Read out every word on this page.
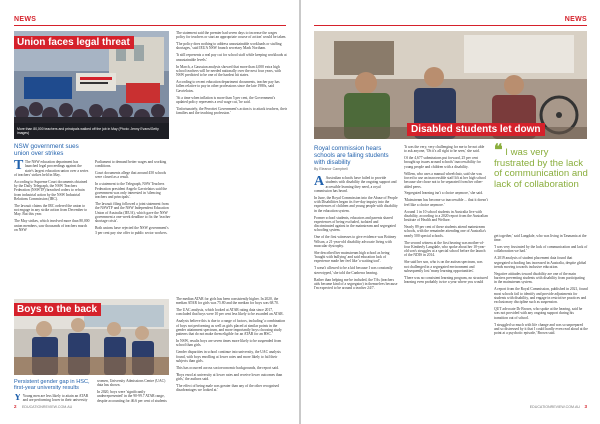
NEWS
Union faces legal threat
More than 80,000 teachers and principals walked off the job in May (Photo: Jenny Evans/Getty images)
NSW government sues union over strikes

T The NSW education department has launched legal proceedings against the state's largest education union over a series of teachers' strikes held in May.

According to Supreme Court documents obtained by the Daily Telegraph, the NSW Teachers Federation (NSWTF) breached orders to refrain from industrial action by the NSW Industrial Relations Commission (IRC).

The lawsuit claims the IRC ordered the union to not engage in any strike action from December to May. But this year.

The May strikes, which involved more than 80,000 union members, saw thousands of teachers march on NSW

Parliament to demand better wages and working conditions.

Court documents allege that around 450 schools were closed as a result.

In a statement to the Telegraph, NSW Teachers Federation president Angelo Gavrielatos said the government was only interested in 'silencing teachers and principals'.

The lawsuit filing followed a joint statement from the NSWTF and the NSW Independent Education Union of Australia (IEUA), which gave the NSW government a one-week deadline to fix the 'teacher shortage crisis'.

Both unions have rejected the NSW government's 3 per cent pay rise offer to public sector workers.

The statement said the premier had seven days to increase the wages policy for teachers or start an appropriate course of action' would be taken.

'The policy does nothing to address unsustainable workloads or staffing shortages,' said IEUA NSW branch secretary Mark Northam.

'It still represents a real pay cut for school staff while keeping workloads at unsustainable levels.'

In March, a Gaussian analysis showed that more than 4,000 extra high school teachers will be needed nationally over the next four years, with NSW predicted to be one of the hardest hit states.

According to recent education department documents, teacher pay has fallen relative to pay in other professions since the late 1980s, said Gavrielatos.

'At a time when inflation is more than 5 per cent, the Government's updated policy represents a real wage cut,' he said.

'Unfortunately, the Perrottet Government's action is to attack teachers, their families and the teaching profession.'

Boys to the back
Persistent gender gap in HSC, first-year university results

Y Young men are less likely to attain an ATAR and are performing lower in their university

women, University Admissions Centre (UAC) data has shown.

In 2020, boys were 'significantly underrepresented' in the 90-99.7 ATAR range, despite accounting for 46.6 per cent of students

The median ATAR for girls has been consistently higher. In 2020, the median ATAR for girls was 75.80 and the median for boys was 68.70.

The UAC analysis, which looked at ATAR rating data since 2017, concluded that boys were 10 per cent less likely to be awarded an ATAR.

Analysts believe this is due to a range of factors, including 'a combination of boys not performing as well as girls placed at similar points in the gender attainment spectrum, and more importantly boys choosing study patterns that do not make them eligible for an ATAR for an HSC.'

In NSW, results boys are seven times more likely to be suspended from school than girls.

Gender disparities in school continue into university, the UAC analysis found, with boys enrolling at lower rates and more likely to fail their subjects than girls.

This has occurred across socioeconomic backgrounds, the report said.

'Boys enrol at university at lower rates and receive lower outcomes than girls,' the authors said.

'The effect of being male was greater than any of the other recognised disadvantages we looked at.'

2 EDUCATIONREVIEW.COM.AU
NEWS
Disabled students let down
Royal commission hears schools are failing students with disability
By Eleanor Campbell

A Australian schools have failed to provide students with disability the ongoing support and accessible learning they need, a royal commission has heard.

In June, the Royal Commission into the Abuse of People with Disabilities began its five-day inquiry into the experiences of children and young people with disability in the education system.

Former school students, educators and parents shared experiences of being excluded, isolated and discriminated against in the mainstream and segregated schooling system.

One of the first witnesses to give evidence was Brittney Wilson, a 21-year-old disability advocate living with muscular dystrophy.

She described her mainstream high school as being 'fraught with bullying' and said education lack of experience made her feel like 'a waiting tool'.

'I wasn't allowed to be a kid because I was constantly stereotyped,' she told the Canberra hearing.

Rather than helping me be included, the TAs (teachers aids became kind of a segregator) in themselves because I'm expected to be around a teacher 24/7.

'It was the very, very challenging for me to be not able to ask anyone, 'Oh it's all right to be seen,' she said.

Of the 4,677 submissions put forward, 25 per cent brought up issues around schools' inaccessibility for young people and children with a disability.

Willem, who uses a manual wheelchair, said she was forced to use an inaccessible staff lift at her high school because she chose not to be separated from her other-abled peers.

'Segregated learning isn't a choice anymore,' she said.

'Mainstream has become so inaccessible ... that it doesn't feel like a choice anymore.'

Around 1 in 10 school students in Australia live with disability, according to a 2020 report from the Australian Institute of Health and Welfare.

Nearly 89 per cent of these students attend mainstream schools, with the remainder attending one of Australia's nearly 500 special schools.

The second witness at the first hearing was mother-of-four Kimberly Langdale, who spoke about her 10-year-old son's struggles at a special school before the launch of the NDIS in 2014.

She said her son, who is on the autism spectrum, was not challenged in a segregated environment and subsequently lost 'many learning opportunities'.

'There was no consistent learning program, no structured learning even probably twice a year where you would

❝ I was very frustrated by the lack of communication and lack of collaboration

get together,' said Langdale, who was living in Tasmania at the time.

'I was very frustrated by the lack of communication and lack of collaboration we had.'

A 2019 analysis of student placement data found that segregated schooling has increased in Australia, despite global trends moving towards inclusive education.

Negative attitudes toward disability are one of the main barriers preventing students with disability from participating in the mainstream system.

A report from the Royal Commission, published in 2021, found most schools fail to identify and provide adjustments for students with disability, and engage in restrictive practices and exclusionary discipline such as suspension.

QUT advocate Dr Brown, who spoke at the hearing, said he was not provided with any ongoing support during his transition out of school.

'I struggled so much with life change and was so unprepared and so distressed by it that I could hardly even read aloud at the point at a psychotic episode,' Brown said.

EDUCATIONREVIEW.COM.AU 3
